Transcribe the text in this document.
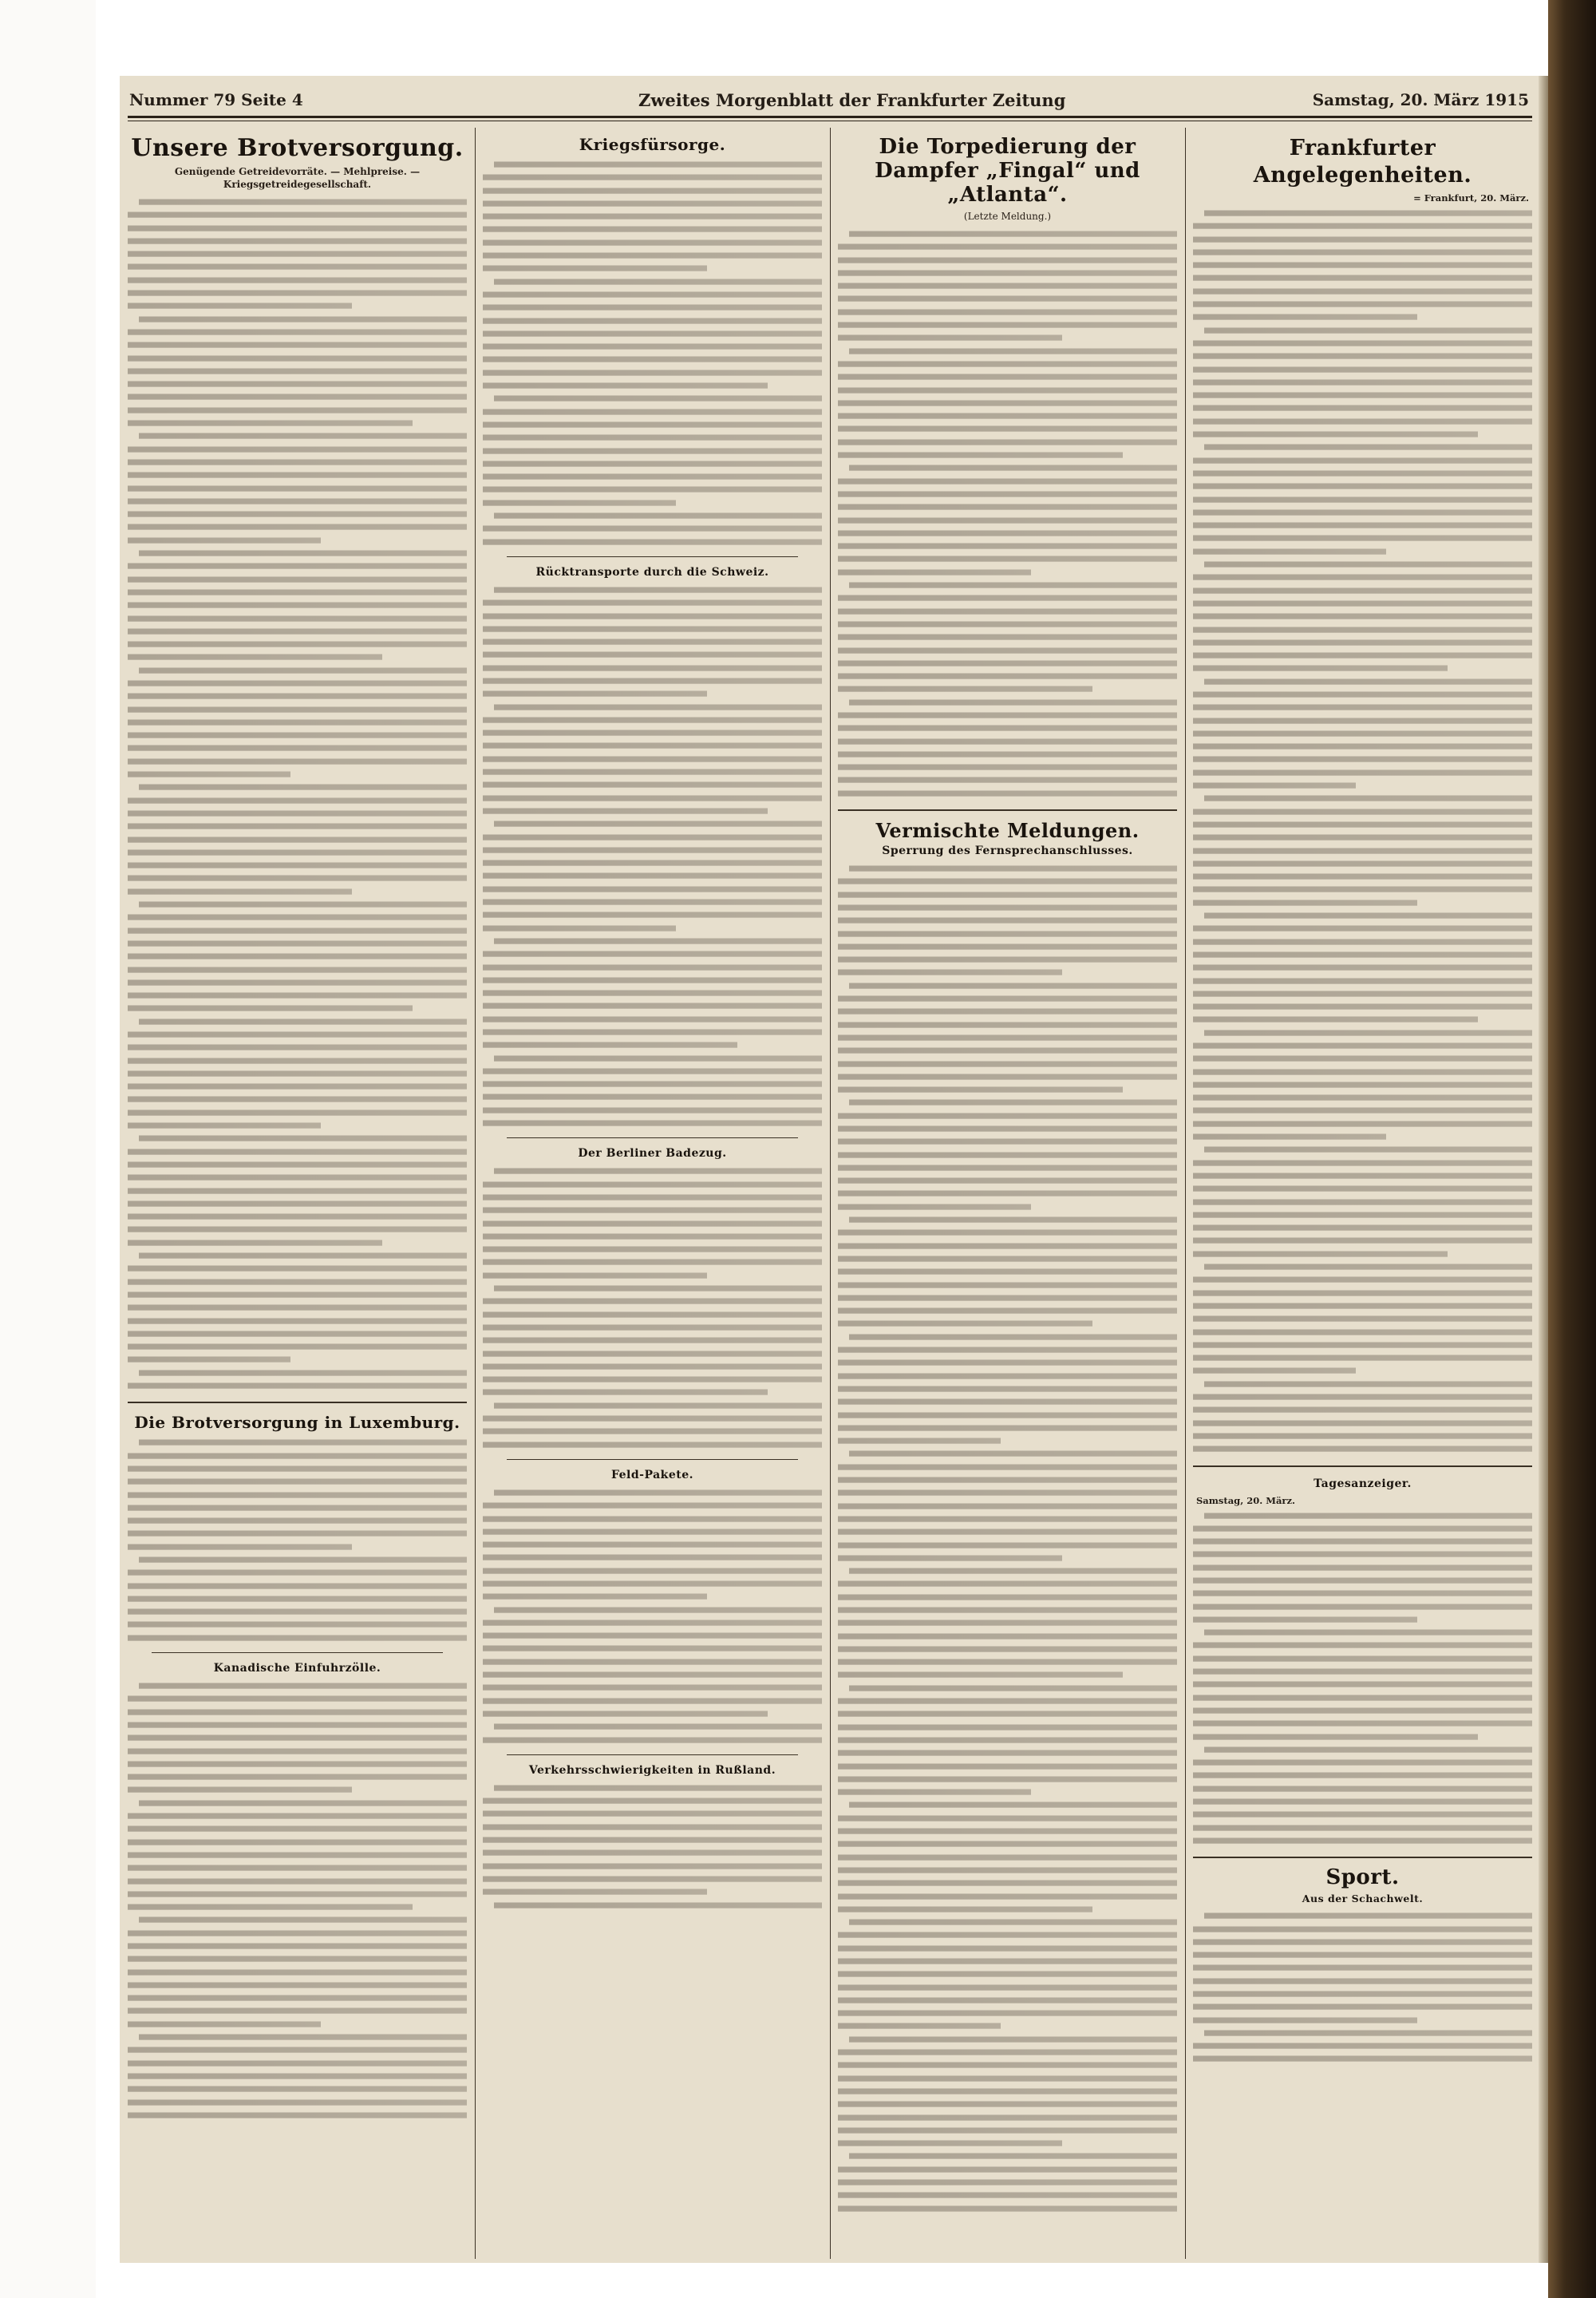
Nummer 79 Seite 4	Zweites Morgenblatt der Frankfurter Zeitung	Samstag, 20. März 1915
Unsere Brotversorgung.
Genügende Getreidevorräte. — Mehlpreise. — Kriegsgetreidegesellschaft.
Die Brotversorgung in Luxemburg.
Kanadische Einfuhrzölle.
Kriegsfürsorge.
Rücktransporte durch die Schweiz.
Der Berliner Badezug.
Feld-Pakete.
Verkehrsschwierigkeiten in Rußland.
Die Torpedierung der Dampfer „Fingal“ und „Atlanta“.
(Letzte Meldung.)
Vermischte Meldungen.
Sperrung des Fernsprechanschlusses.
Frankfurter Angelegenheiten.
= Frankfurt, 20. März.
Tagesanzeiger.
Samstag, 20. März.
Sport.
Aus der Schachwelt.
